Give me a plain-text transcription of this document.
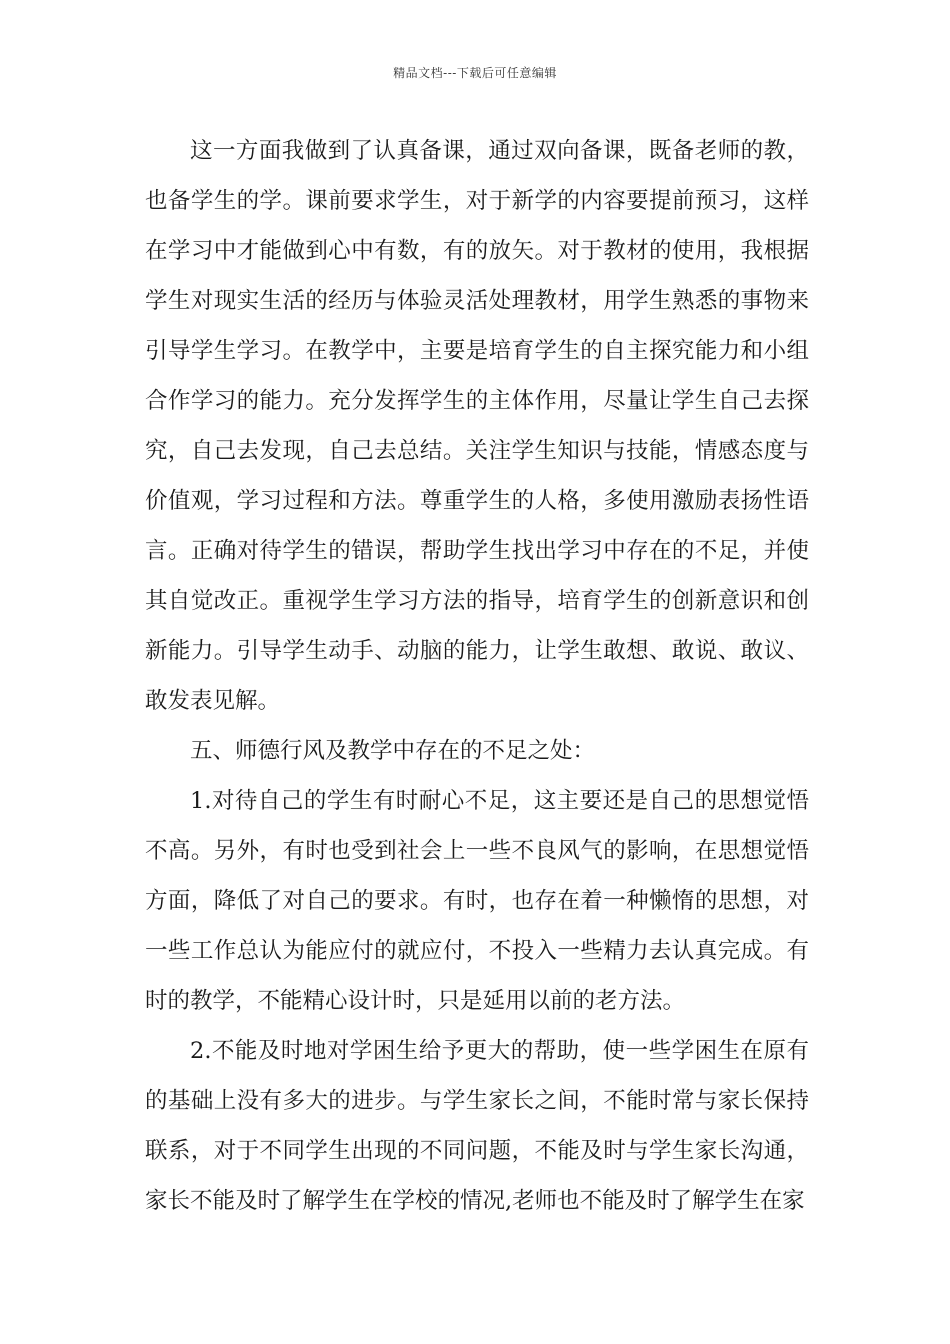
精品文档---下载后可任意编辑

这一方面我做到了认真备课，通过双向备课，既备老师的教，也备学生的学。课前要求学生，对于新学的内容要提前预习，这样在学习中才能做到心中有数，有的放矢。对于教材的使用，我根据学生对现实生活的经历与体验灵活处理教材，用学生熟悉的事物来引导学生学习。在教学中，主要是培育学生的自主探究能力和小组合作学习的能力。充分发挥学生的主体作用，尽量让学生自己去探究，自己去发现，自己去总结。关注学生知识与技能，情感态度与价值观，学习过程和方法。尊重学生的人格，多使用激励表扬性语言。正确对待学生的错误，帮助学生找出学习中存在的不足，并使其自觉改正。重视学生学习方法的指导，培育学生的创新意识和创新能力。引导学生动手、动脑的能力，让学生敢想、敢说、敢议、敢发表见解。

五、师德行风及教学中存在的不足之处：

1.对待自己的学生有时耐心不足，这主要还是自己的思想觉悟不高。另外，有时也受到社会上一些不良风气的影响，在思想觉悟方面，降低了对自己的要求。有时，也存在着一种懒惰的思想，对一些工作总认为能应付的就应付，不投入一些精力去认真完成。有时的教学，不能精心设计时，只是延用以前的老方法。

2.不能及时地对学困生给予更大的帮助，使一些学困生在原有的基础上没有多大的进步。与学生家长之间，不能时常与家长保持联系，对于不同学生出现的不同问题，不能及时与学生家长沟通，家长不能及时了解学生在学校的情况,老师也不能及时了解学生在家
